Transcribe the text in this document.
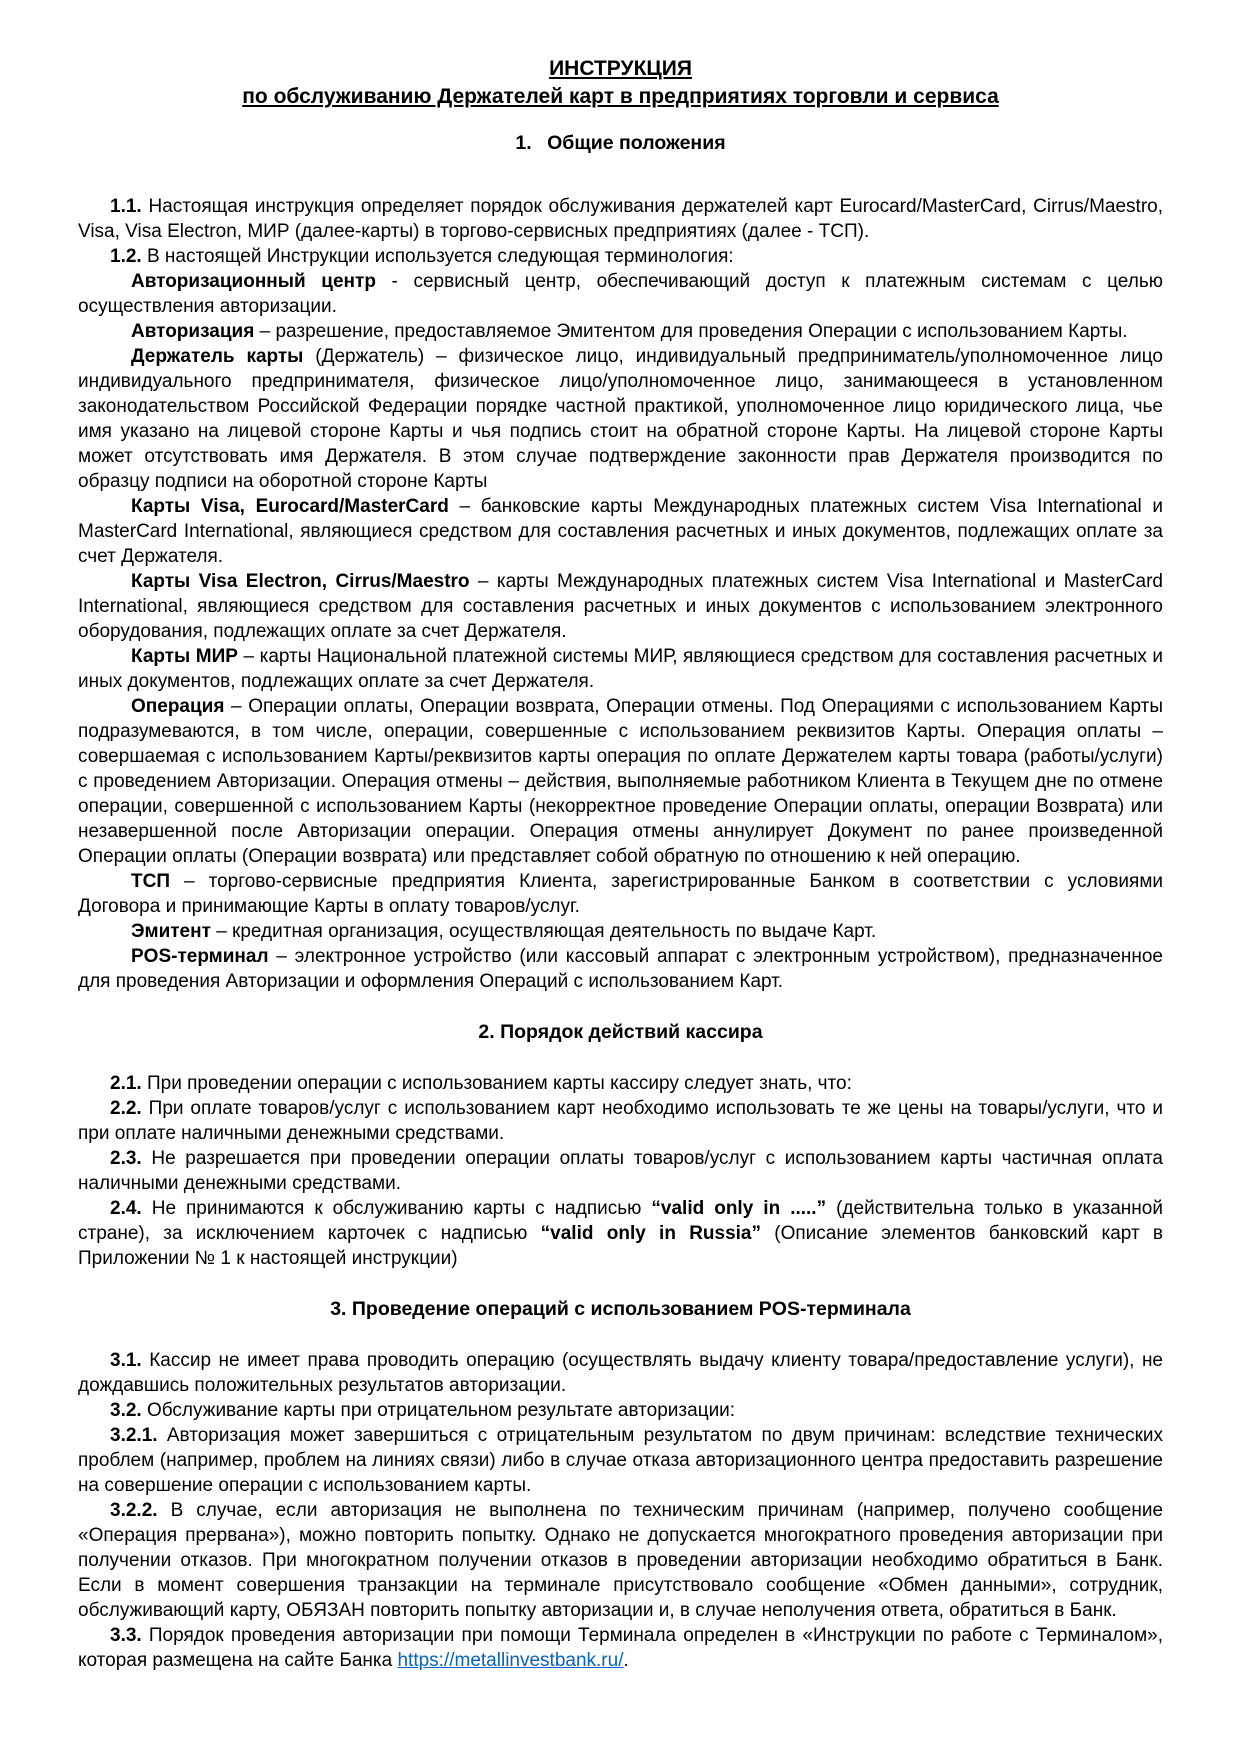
ИНСТРУКЦИЯ
по обслуживанию Держателей карт в предприятиях торговли и сервиса
1. Общие положения

1.1. Настоящая инструкция определяет порядок обслуживания держателей карт Eurocard/MasterCard, Cirrus/Maestro, Visa, Visa Electron, МИР (далее-карты) в торгово-сервисных предприятиях (далее - ТСП).

1.2. В настоящей Инструкции используется следующая терминология:

Авторизационный центр - сервисный центр, обеспечивающий доступ к платежным системам с целью осуществления авторизации.

Авторизация – разрешение, предоставляемое Эмитентом для проведения Операции с использованием Карты.

Держатель карты (Держатель) – физическое лицо, индивидуальный предприниматель/уполномоченное лицо индивидуального предпринимателя, физическое лицо/уполномоченное лицо, занимающееся в установленном законодательством Российской Федерации порядке частной практикой, уполномоченное лицо юридического лица, чье имя указано на лицевой стороне Карты и чья подпись стоит на обратной стороне Карты. На лицевой стороне Карты может отсутствовать имя Держателя. В этом случае подтверждение законности прав Держателя производится по образцу подписи на оборотной стороне Карты

Карты Visa, Eurocard/MasterCard – банковские карты Международных платежных систем Visa International и MasterCard International, являющиеся средством для составления расчетных и иных документов, подлежащих оплате за счет Держателя.

Карты Visa Electron, Cirrus/Maestro – карты Международных платежных систем Visa International и MasterCard International, являющиеся средством для составления расчетных и иных документов с использованием электронного оборудования, подлежащих оплате за счет Держателя.

Карты МИР – карты Национальной платежной системы МИР, являющиеся средством для составления расчетных и иных документов, подлежащих оплате за счет Держателя.

Операция – Операции оплаты, Операции возврата, Операции отмены. Под Операциями с использованием Карты подразумеваются, в том числе, операции, совершенные с использованием реквизитов Карты. Операция оплаты – совершаемая с использованием Карты/реквизитов карты операция по оплате Держателем карты товара (работы/услуги) с проведением Авторизации. Операция отмены – действия, выполняемые работником Клиента в Текущем дне по отмене операции, совершенной с использованием Карты (некорректное проведение Операции оплаты, операции Возврата) или незавершенной после Авторизации операции. Операция отмены аннулирует Документ по ранее произведенной Операции оплаты (Операции возврата) или представляет собой обратную по отношению к ней операцию.

ТСП – торгово-сервисные предприятия Клиента, зарегистрированные Банком в соответствии с условиями Договора и принимающие Карты в оплату товаров/услуг.

Эмитент – кредитная организация, осуществляющая деятельность по выдаче Карт.

POS-терминал – электронное устройство (или кассовый аппарат с электронным устройством), предназначенное для проведения Авторизации и оформления Операций с использованием Карт.

2. Порядок действий кассира

2.1. При проведении операции с использованием карты кассиру следует знать, что:

2.2. При оплате товаров/услуг с использованием карт необходимо использовать те же цены на товары/услуги, что и при оплате наличными денежными средствами.

2.3. Не разрешается при проведении операции оплаты товаров/услуг с использованием карты частичная оплата наличными денежными средствами.

2.4. Не принимаются к обслуживанию карты с надписью “valid only in .....” (действительна только в указанной стране), за исключением карточек с надписью “valid only in Russia” (Описание элементов банковский карт в Приложении № 1 к настоящей инструкции)

3. Проведение операций с использованием POS-терминала

3.1. Кассир не имеет права проводить операцию (осуществлять выдачу клиенту товара/предоставление услуги), не дождавшись положительных результатов авторизации.

3.2. Обслуживание карты при отрицательном результате авторизации:

3.2.1. Авторизация может завершиться с отрицательным результатом по двум причинам: вследствие технических проблем (например, проблем на линиях связи) либо в случае отказа авторизационного центра предоставить разрешение на совершение операции с использованием карты.

3.2.2. В случае, если авторизация не выполнена по техническим причинам (например, получено сообщение «Операция прервана»), можно повторить попытку. Однако не допускается многократного проведения авторизации при получении отказов. При многократном получении отказов в проведении авторизации необходимо обратиться в Банк. Если в момент совершения транзакции на терминале присутствовало сообщение «Обмен данными», сотрудник, обслуживающий карту, ОБЯЗАН повторить попытку авторизации и, в случае неполучения ответа, обратиться в Банк.

3.3. Порядок проведения авторизации при помощи Терминала определен в «Инструкции по работе с Терминалом», которая размещена на сайте Банка https://metallinvestbank.ru/.
